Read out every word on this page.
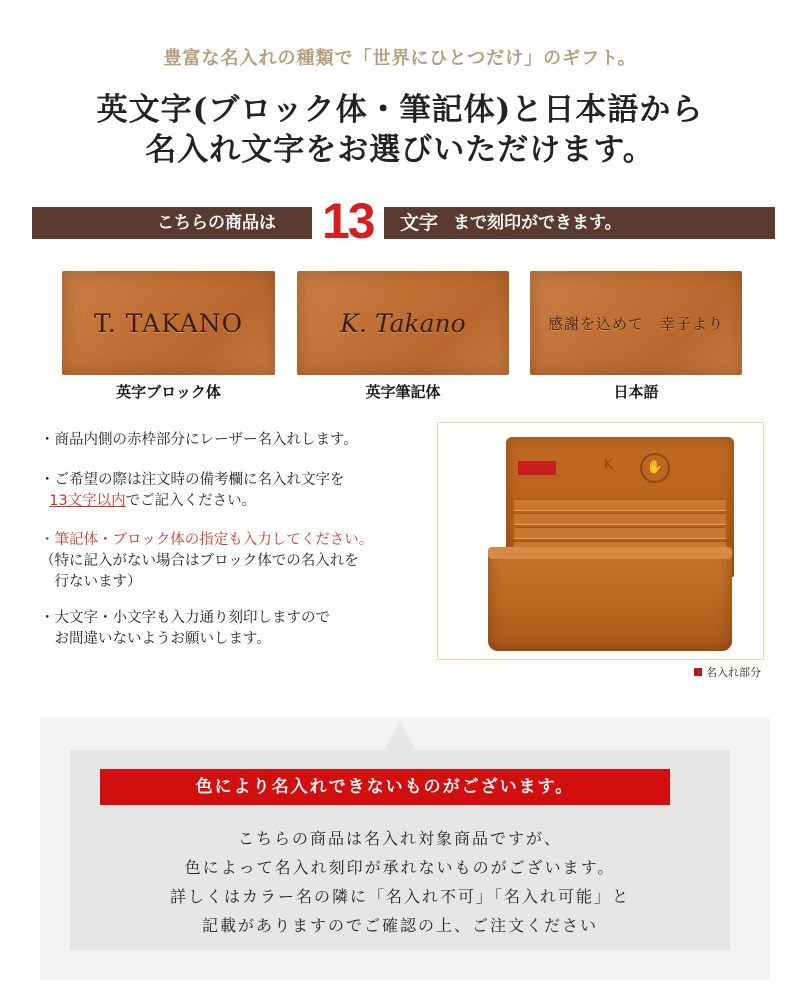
豊富な名入れの種類で「世界にひとつだけ」のギフト。
英文字(ブロック体・筆記体)と日本語から
名入れ文字をお選びいただけます。
こちらの商品は 13	文字 まで刻印ができます。
T. TAKANO	K. Takano	感謝を込めて　幸子より
英字ブロック体	英字筆記体	日本語
・商品内側の赤枠部分にレーザー名入れします。
・ご希望の際は注文時の備考欄に名入れ文字を
13文字以内でご記入ください。
・筆記体・ブロック体の指定も入力してください。
（特に記入がない場合はブロック体での名入れを
　行ないます）
・大文字・小文字も入力通り刻印しますので
　お間違いないようお願いします。
K	✋
名入れ部分
色により名入れできないものがございます。
こちらの商品は名入れ対象商品ですが、
色によって名入れ刻印が承れないものがございます。
詳しくはカラー名の隣に「名入れ不可」「名入れ可能」と
記載がありますのでご確認の上、ご注文ください
